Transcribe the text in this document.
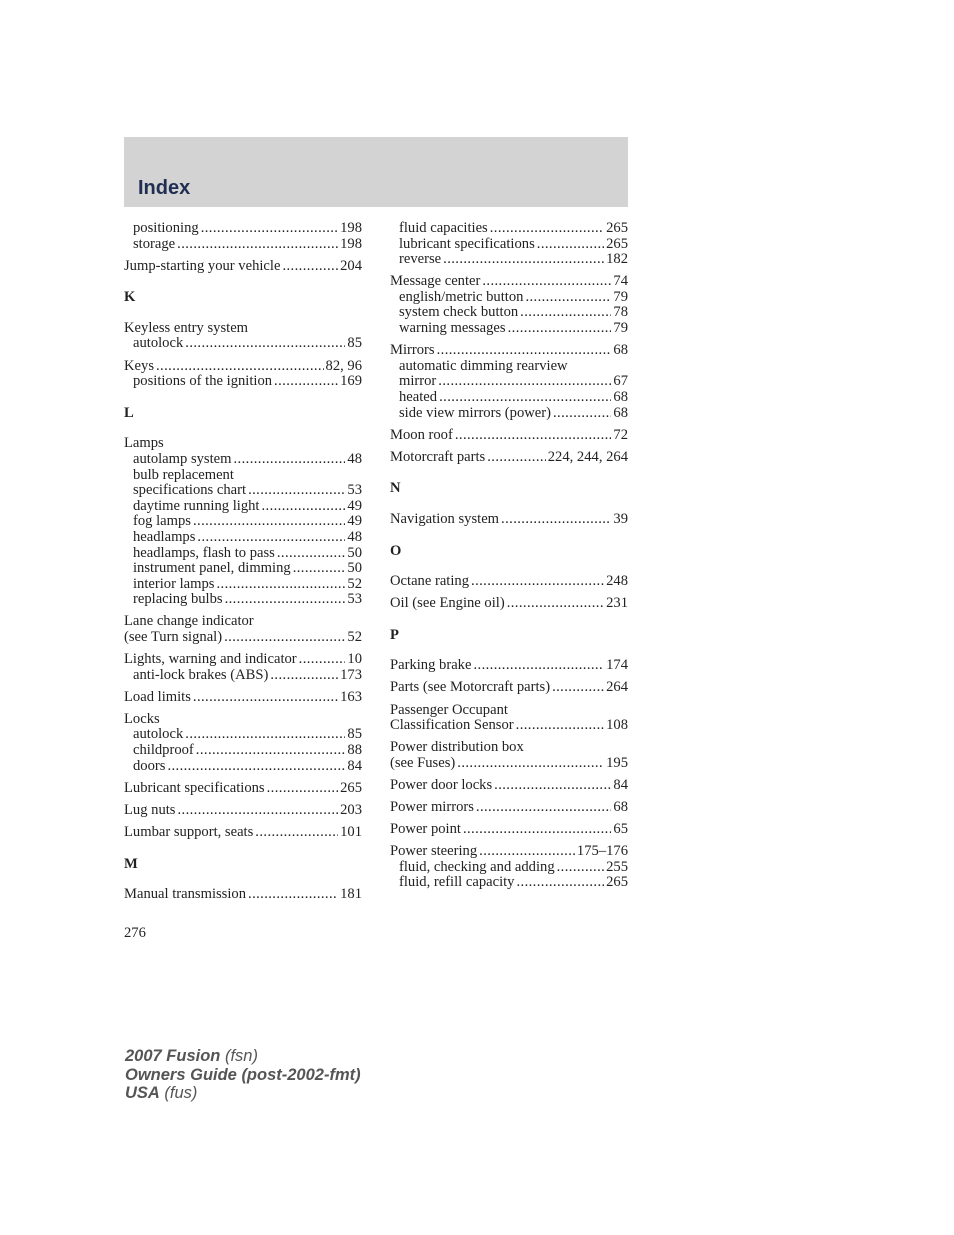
Index
positioning .....	198
storage .....	198
Jump-starting your vehicle .....	204
K
Keyless entry system
autolock .....	85
Keys .....	82, 96
positions of the ignition .....	169
L
Lamps
autolamp system .....	48
bulb replacement
specifications chart .....	53
daytime running light .....	49
fog lamps .....	49
headlamps .....	48
headlamps, flash to pass .....	50
instrument panel, dimming .....	50
interior lamps .....	52
replacing bulbs .....	53
Lane change indicator
(see Turn signal) .....	52
Lights, warning and indicator .....	10
anti-lock brakes (ABS) .....	173
Load limits .....	163
Locks
autolock .....	85
childproof .....	88
doors .....	84
Lubricant specifications .....	265
Lug nuts .....	203
Lumbar support, seats .....	101
M
Manual transmission .....	181
fluid capacities .....	265
lubricant specifications .....	265
reverse .....	182
Message center .....	74
english/metric button .....	79
system check button .....	78
warning messages .....	79
Mirrors .....	68
automatic dimming rearview
mirror .....	67
heated .....	68
side view mirrors (power) .....	68
Moon roof .....	72
Motorcraft parts .....	224, 244, 264
N
Navigation system .....	39
O
Octane rating .....	248
Oil (see Engine oil) .....	231
P
Parking brake .....	174
Parts (see Motorcraft parts) .....	264
Passenger Occupant
Classification Sensor .....	108
Power distribution box
(see Fuses) .....	195
Power door locks .....	84
Power mirrors .....	68
Power point .....	65
Power steering .....	175–176
fluid, checking and adding .....	255
fluid, refill capacity .....	265
276
2007 Fusion (fsn)
Owners Guide (post-2002-fmt)
USA (fus)
